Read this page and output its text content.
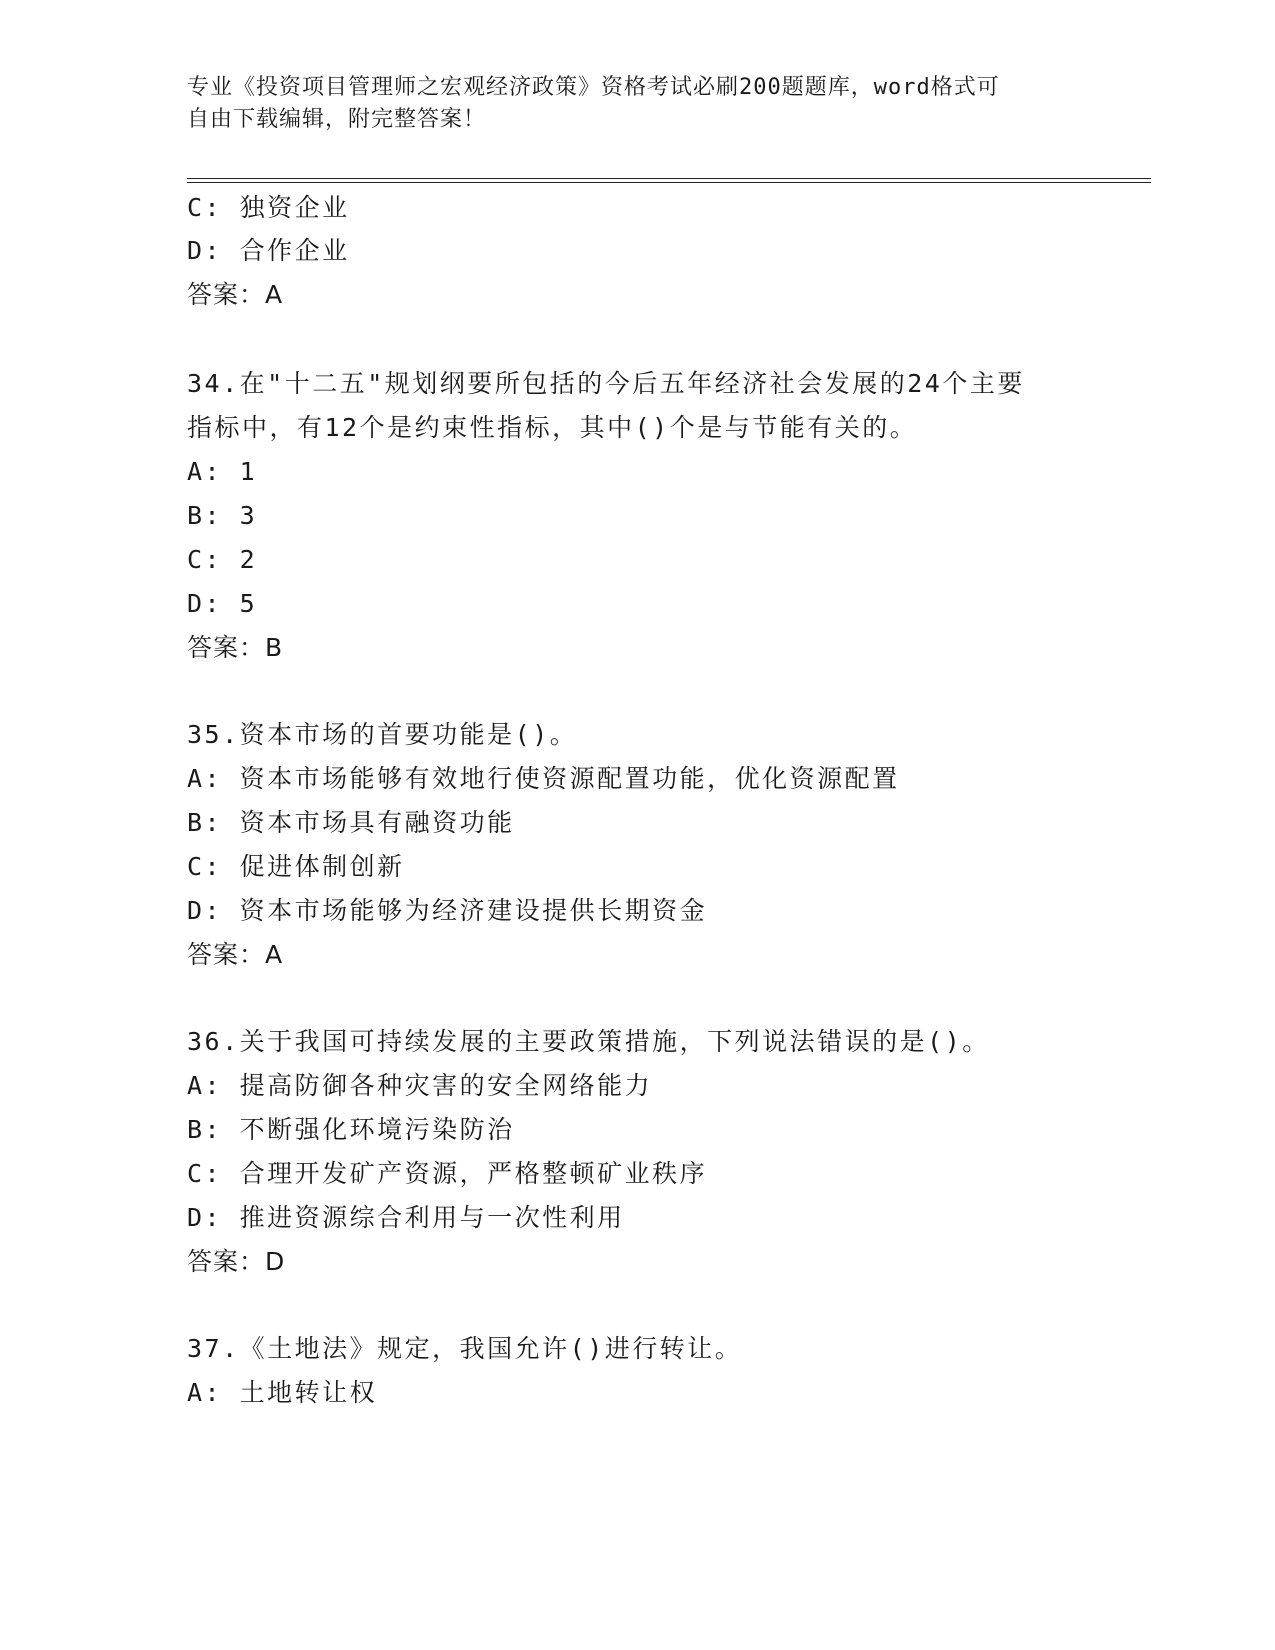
专业《投资项目管理师之宏观经济政策》资格考试必刷200题题库，word格式可
自由下载编辑，附完整答案！
C: 独资企业
D: 合作企业
答案：A
34.在"十二五"规划纲要所包括的今后五年经济社会发展的24个主要
指标中，有12个是约束性指标，其中()个是与节能有关的。
A: 1
B: 3
C: 2
D: 5
答案：B
35.资本市场的首要功能是()。
A: 资本市场能够有效地行使资源配置功能，优化资源配置
B: 资本市场具有融资功能
C: 促进体制创新
D: 资本市场能够为经济建设提供长期资金
答案：A
36.关于我国可持续发展的主要政策措施，下列说法错误的是()。
A: 提高防御各种灾害的安全网络能力
B: 不断强化环境污染防治
C: 合理开发矿产资源，严格整顿矿业秩序
D: 推进资源综合利用与一次性利用
答案：D
37.《土地法》规定，我国允许()进行转让。
A: 土地转让权
